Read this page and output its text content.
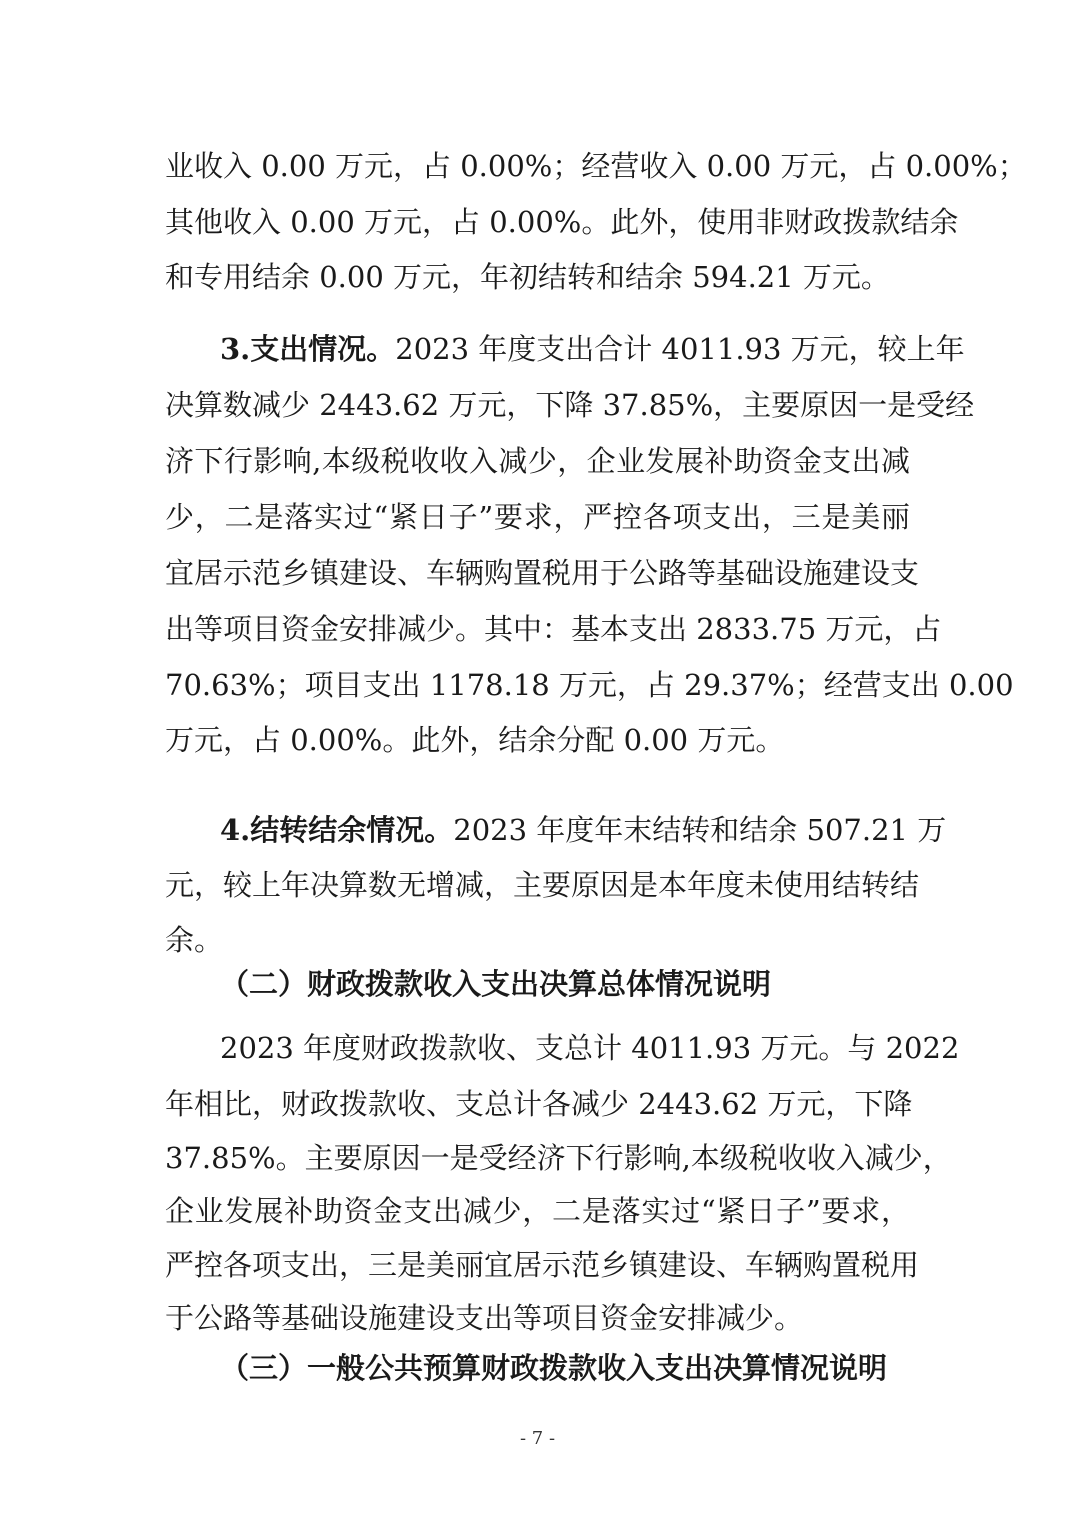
业收入 0.00 万元，占 0.00%；经营收入 0.00 万元，占 0.00%；
其他收入 0.00 万元，占 0.00%。此外，使用非财政拨款结余
和专用结余 0.00 万元，年初结转和结余 594.21 万元。
3.支出情况。2023 年度支出合计 4011.93 万元，较上年
决算数减少 2443.62 万元，下降 37.85%，主要原因一是受经
济下行影响,本级税收收入减少，企业发展补助资金支出减
少，二是落实过“紧日子”要求，严控各项支出，三是美丽
宜居示范乡镇建设、车辆购置税用于公路等基础设施建设支
出等项目资金安排减少。其中：基本支出 2833.75 万元，占
70.63%；项目支出 1178.18 万元，占 29.37%；经营支出 0.00
万元，占 0.00%。此外，结余分配 0.00 万元。
4.结转结余情况。2023 年度年末结转和结余 507.21 万
元，较上年决算数无增减，主要原因是本年度未使用结转结
余。
（二）财政拨款收入支出决算总体情况说明
2023 年度财政拨款收、支总计 4011.93 万元。与 2022
年相比，财政拨款收、支总计各减少 2443.62 万元，下降
37.85%。主要原因一是受经济下行影响,本级税收收入减少，
企业发展补助资金支出减少，二是落实过“紧日子”要求，
严控各项支出，三是美丽宜居示范乡镇建设、车辆购置税用
于公路等基础设施建设支出等项目资金安排减少。
（三）一般公共预算财政拨款收入支出决算情况说明
- 7 -
